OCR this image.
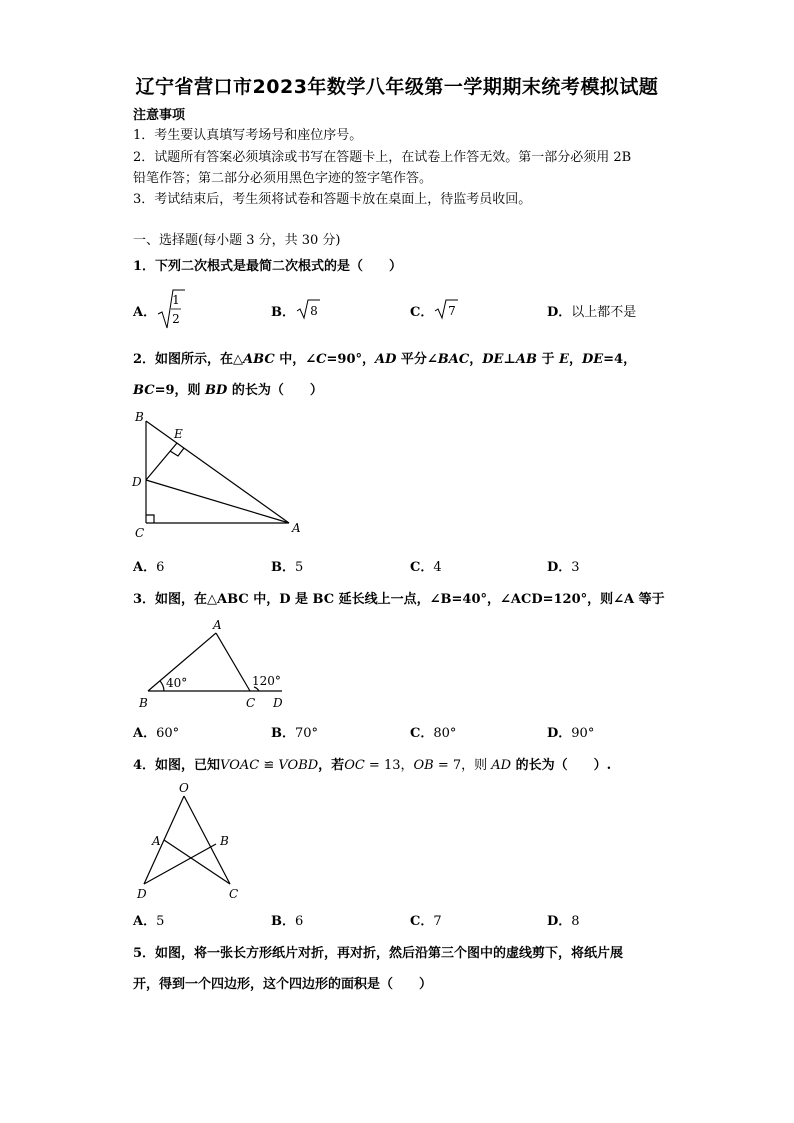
辽宁省营口市2023年数学八年级第一学期期末统考模拟试题
注意事项
1．考生要认真填写考场号和座位序号。
2．试题所有答案必须填涂或书写在答题卡上，在试卷上作答无效。第一部分必须用 2B
铅笔作答；第二部分必须用黑色字迹的签字笔作答。
3．考试结束后，考生须将试卷和答题卡放在桌面上，待监考员收回。
一、选择题(每小题 3 分，共 30 分)
1．下列二次根式是最简二次根式的是（　　）
A．
1
2	B． 8	C． 7	D．以上都不是
2．如图所示，在△ABC 中，∠C=90°，AD 平分∠BAC，DE⊥AB 于 E，DE=4，
BC=9，则 BD 的长为（　　）
B
E
D
C	A
A．6	B．5	C．4	D．3
3．如图，在△ABC 中，D 是 BC 延长线上一点，∠B=40°，∠ACD=120°，则∠A 等于
40°	120°
A
B	C D
A．60°	B．70°	C．80°	D．90°
4．如图，已知VOAC ≌ VOBD，若OC = 13，OB = 7，则 AD 的长为（　　）.
O
A	B
D	C
A．5	B．6	C．7	D．8
5．如图，将一张长方形纸片对折，再对折，然后沿第三个图中的虚线剪下，将纸片展
开，得到一个四边形，这个四边形的面积是（　　）
